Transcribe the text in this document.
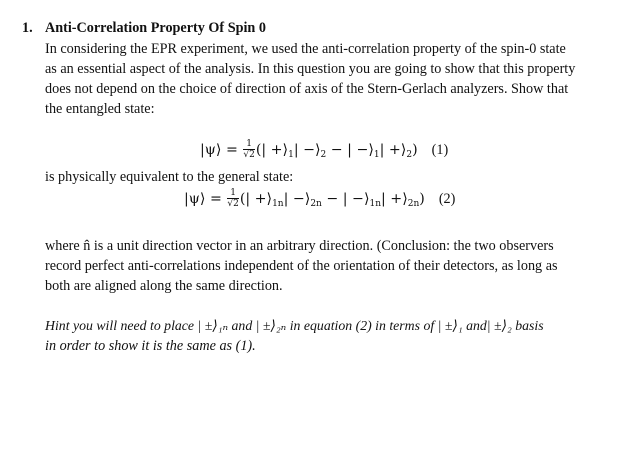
1. Anti-Correlation Property Of Spin 0
In considering the EPR experiment, we used the anti-correlation property of the spin-0 state
as an essential aspect of the analysis. In this question you are going to show that this property
does not depend on the choice of direction of axis of the Stern-Gerlach analyzers. Show that
the entangled state:
|ψ⟩ = $\frac{1}{√2}$ (| $+⟩_1|$ $-⟩_2$ − | $-⟩_1|$ $+⟩_2$) (1)
is physically equivalent to the general state:
|ψ⟩ = $\frac{1}{√2}$ (| $+⟩_{1n}|$ $-⟩_{2n}$ − | $-⟩_{1n}|$ $+⟩_{2n}$) (2)
where n̂ is a unit direction vector in an arbitrary direction. (Conclusion: the two observers
record perfect anti-correlations independent of the orientation of their detectors, as long as
both are aligned along the same direction.
Hint you will need to place | ±⟩₁ₙ and | ±⟩₂ₙ in equation (2) in terms of | ±⟩₁ and| ±⟩₂ basis
in order to show it is the same as (1).
